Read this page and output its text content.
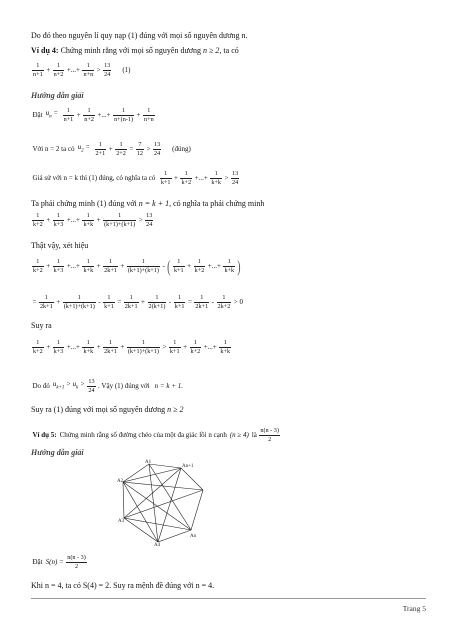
Do đó theo nguyên lí quy nạp (1) đúng với mọi số nguyên dương n.
Ví dụ 4: Chứng minh rằng với mọi số nguyên dương n ≥ 2, ta có
$\frac{1}{n+1} + \frac{1}{n+2}$ +...+ $\frac{1}{n+n} > \frac{13}{24} (1)$
Hướng dẫn giải
Đặt $u_n = \frac{1}{n+1} + \frac{1}{n+2}$ +...+ $\frac{1}{n+(n-1)} + \frac{1}{n+n}$
Với n = 2 ta có $u_2 = \frac{1}{2+1} + \frac{1}{2+2} = \frac{7}{12} > \frac{13}{24}$ (đúng)
Giả sử với n = k thì (1) đúng, có nghĩa ta có $\frac{1}{k+1} + \frac{1}{k+2}$ +...+ $\frac{1}{k+k} > \frac{13}{24}$
Ta phải chứng minh (1) đúng với n = k + 1, có nghĩa ta phải chứng minh
$\frac{1}{k+2} + \frac{1}{k+3}$ +...+ $\frac{1}{k+k} + \frac{1}{(k+1)+(k+1)} > \frac{13}{24}$
Thật vậy, xét hiệu
$\frac{1}{k+2} + \frac{1}{k+3}$ +...+ $\frac{1}{k+k} + \frac{1}{2k+1} + \frac{1}{(k+1)+(k+1)}$ - ( $\frac{1}{k+1} + \frac{1}{k+2}$ +...+ $\frac{1}{k+k}$ )
= $\frac{1}{2k+1} + \frac{1}{(k+1)+(k+1)} - \frac{1}{k+1} = \frac{1}{2k+1} + \frac{1}{2(k+1)} - \frac{1}{k+1} = \frac{1}{2k+1} - \frac{1}{2k+2} > 0$
Suy ra
$\frac{1}{k+2} + \frac{1}{k+3}$ +...+ $\frac{1}{k+k} + \frac{1}{2k+1} + \frac{1}{(k+1)+(k+1)} > \frac{1}{k+1} + \frac{1}{k+2}$ +...+ $\frac{1}{k+k}$
Do đó $u_{k+1} > u_k > \frac{13}{24}$ . Vậy (1) đúng với n = k + 1.
Suy ra (1) đúng với mọi số nguyên dương n ≥ 2
Ví dụ 5: Chứng minh rằng số đường chéo của một đa giác lồi n cạnh (n ≥ 4) là $\frac{n(n - 3)}{2}$
Hướng dẫn giải
A1
A2
A3
A4
An+1
An
Đặt $S(n) = \frac{n(n - 3)}{2}$
Khi n = 4, ta có S(4) = 2. Suy ra mệnh đề đúng với n = 4.
Trang 5
